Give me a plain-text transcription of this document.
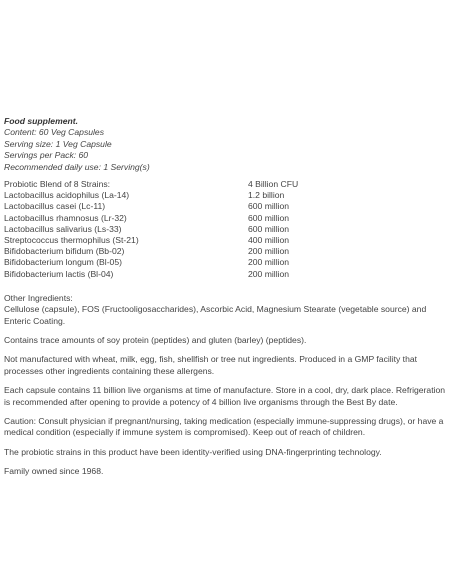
Food supplement.
Content: 60 Veg Capsules
Serving size: 1 Veg Capsule
Servings per Pack: 60
Recommended daily use: 1 Serving(s)
Probiotic Blend of 8 Strains:	4 Billion CFU
Lactobacillus acidophilus (La-14)	1.2 billion
Lactobacillus casei (Lc-11)	600 million
Lactobacillus rhamnosus (Lr-32)	600 million
Lactobacillus salivarius (Ls-33)	600 million
Streptococcus thermophilus (St-21)	400 million
Bifidobacterium bifidum (Bb-02)	200 million
Bifidobacterium longum (Bl-05)	200 million
Bifidobacterium lactis (Bl-04)	200 million
Other Ingredients:
Cellulose (capsule), FOS (Fructooligosaccharides), Ascorbic Acid, Magnesium Stearate (vegetable source) and Enteric Coating.
Contains trace amounts of soy protein (peptides) and gluten (barley) (peptides).
Not manufactured with wheat, milk, egg, fish, shellfish or tree nut ingredients. Produced in a GMP facility that processes other ingredients containing these allergens.
Each capsule contains 11 billion live organisms at time of manufacture. Store in a cool, dry, dark place. Refrigeration is recommended after opening to provide a potency of 4 billion live organisms through the Best By date.
Caution: Consult physician if pregnant/nursing, taking medication (especially immune-suppressing drugs), or have a medical condition (especially if immune system is compromised). Keep out of reach of children.
The probiotic strains in this product have been identity-verified using DNA-fingerprinting technology.
Family owned since 1968.
